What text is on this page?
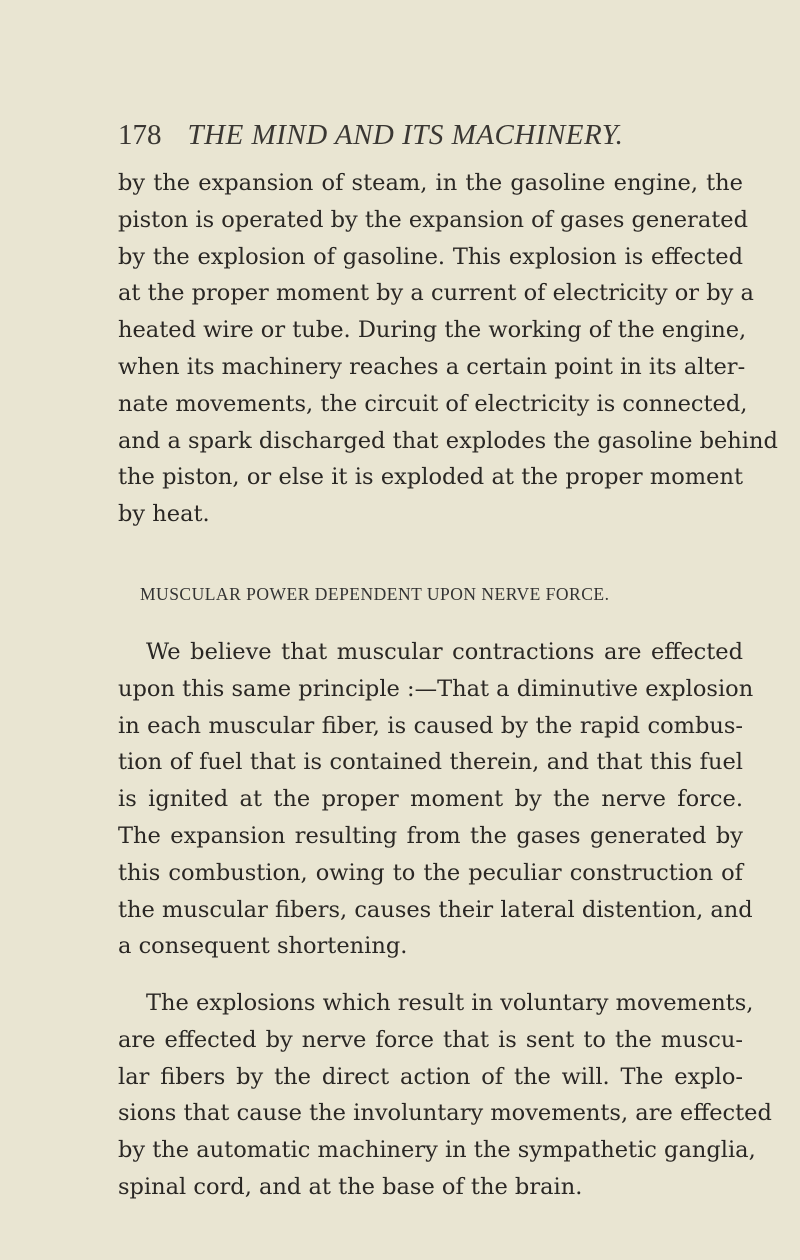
178 THE MIND AND ITS MACHINERY.
by the expansion of steam, in the gasoline engine, the
piston is operated by the expansion of gases generated
by the explosion of gasoline. This explosion is effected
at the proper moment by a current of electricity or by a
heated wire or tube. During the working of the engine,
when its machinery reaches a certain point in its alter-
nate movements, the circuit of electricity is connected,
and a spark discharged that explodes the gasoline behind
the piston, or else it is exploded at the proper moment
by heat.
MUSCULAR POWER DEPENDENT UPON NERVE FORCE.
We believe that muscular contractions are effected
upon this same principle :—That a diminutive explosion
in each muscular fiber, is caused by the rapid combus-
tion of fuel that is contained therein, and that this fuel
is ignited at the proper moment by the nerve force.
The expansion resulting from the gases generated by
this combustion, owing to the peculiar construction of
the muscular fibers, causes their lateral distention, and
a consequent shortening.
The explosions which result in voluntary movements,
are effected by nerve force that is sent to the muscu-
lar fibers by the direct action of the will. The explo-
sions that cause the involuntary movements, are effected
by the automatic machinery in the sympathetic ganglia,
spinal cord, and at the base of the brain.
